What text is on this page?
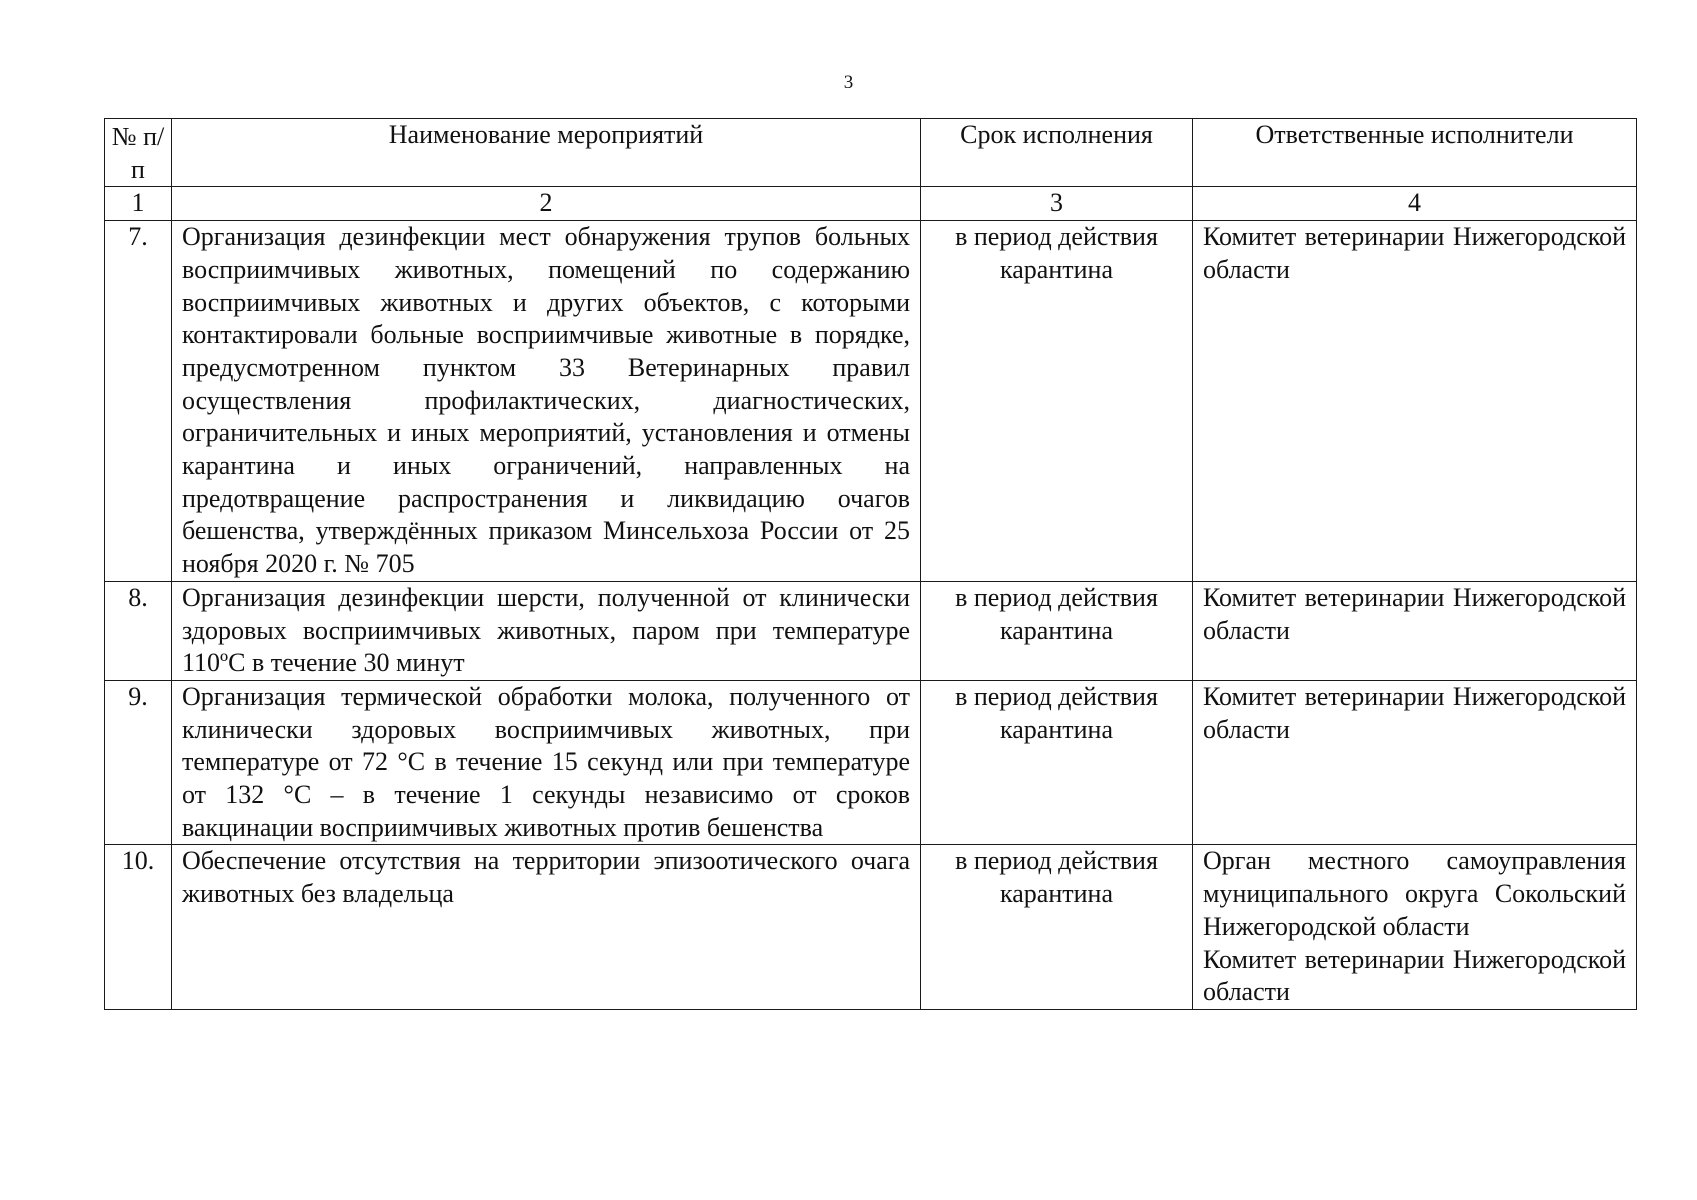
3
№ п/п	Наименование мероприятий	Срок исполнения	Ответственные исполнители
1	2	3	4
7.	Организация дезинфекции мест обнаружения трупов больных восприимчивых животных, помещений по содержанию восприимчивых животных и других объектов, с которыми контактировали больные восприимчивые животные в порядке, предусмотренном пунктом 33 Ветеринарных правил осуществления профилактических, диагностических, ограничительных и иных мероприятий, установления и отмены карантина и иных ограничений, направленных на предотвращение распространения и ликвидацию очагов бешенства, утверждённых приказом Минсельхоза России от 25 ноября 2020 г. № 705	в период действия карантина	Комитет ветеринарии Нижегородской области

8.	Организация дезинфекции шерсти, полученной от клинически здоровых восприимчивых животных, паром при температуре 110ºС в течение 30 минут	в период действия карантина	Комитет ветеринарии Нижегородской области

9.	Организация термической обработки молока, полученного от клинически здоровых восприимчивых животных, при температуре от 72 °С в течение 15 секунд или при температуре от 132 °С – в течение 1 секунды независимо от сроков вакцинации восприимчивых животных против бешенства	в период действия карантина	Комитет ветеринарии Нижегородской области

10.	Обеспечение отсутствия на территории эпизоотического очага животных без владельца	в период действия карантина	Орган местного самоуправления муниципального округа Сокольский Нижегородской области
Комитет ветеринарии Нижегородской области
